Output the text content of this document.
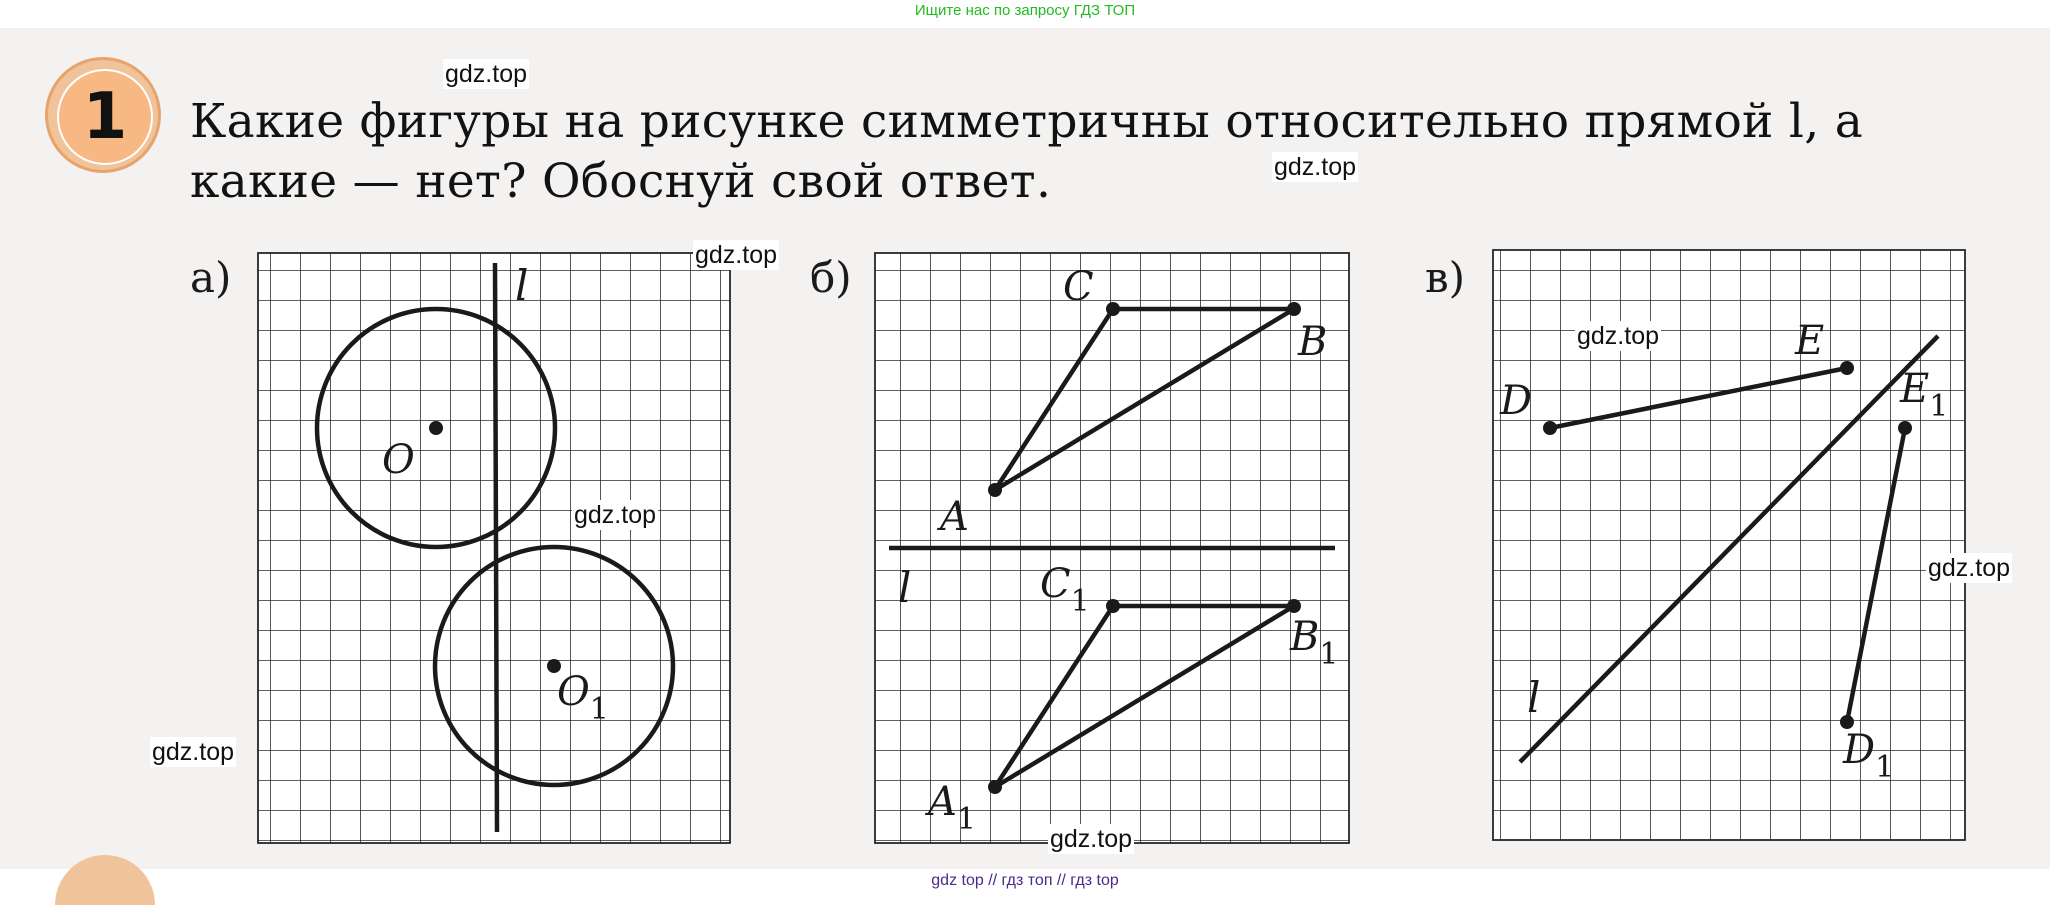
Ищите нас по запросу ГДЗ ТОП
1	Какие фигуры на рисунке симметричны относительно прямой l, а
какие — нет? Обоснуй свой ответ.
а)	l
O
$O_1$
б)
l
A
C
B
$A_1$
$C_1$
$B_1$
в)
l
D
E
$E_1$
$D_1$
gdz.top
gdz.top
gdz.top
gdz.top
gdz.top
gdz.top
gdz.top
gdz.top
gdz top // гдз топ // гдз top
